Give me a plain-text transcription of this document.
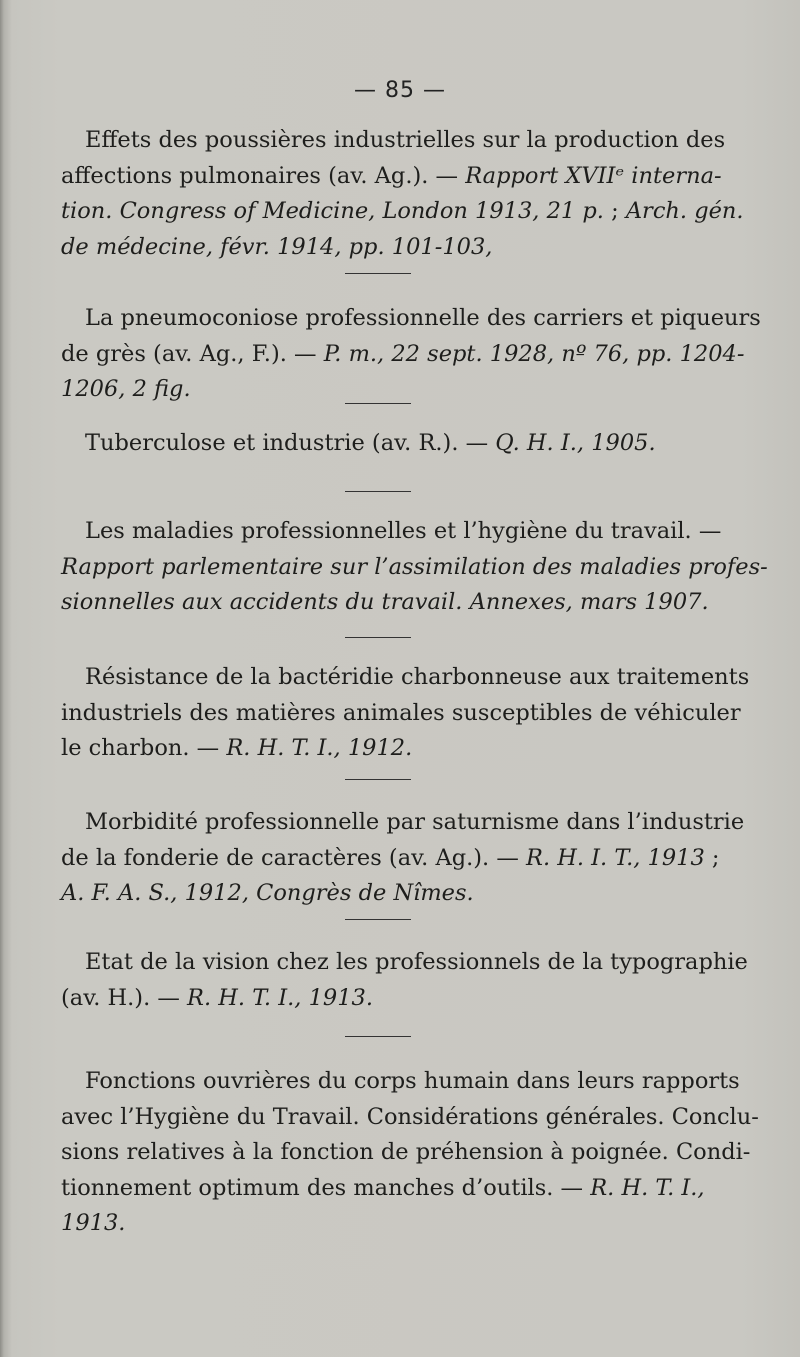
— 85 —
Effets des poussières industrielles sur la production des
affections pulmonaires (av. Ag.). — Rapport XVIIᵉ interna-
tion. Congress of Medicine, London 1913, 21 p. ; Arch. gén.
de médecine, févr. 1914, pp. 101-103,
La pneumoconiose professionnelle des carriers et piqueurs
de grès (av. Ag., F.). — P. m., 22 sept. 1928, nº 76, pp. 1204-
1206, 2 fig.
Tuberculose et industrie (av. R.). — Q. H. I., 1905.
Les maladies professionnelles et l’hygiène du travail. —
Rapport parlementaire sur l’assimilation des maladies profes-
sionnelles aux accidents du travail. Annexes, mars 1907.
Résistance de la bactéridie charbonneuse aux traitements
industriels des matières animales susceptibles de véhiculer
le charbon. — R. H. T. I., 1912.
Morbidité professionnelle par saturnisme dans l’industrie
de la fonderie de caractères (av. Ag.). — R. H. I. T., 1913 ;
A. F. A. S., 1912, Congrès de Nîmes.
Etat de la vision chez les professionnels de la typographie
(av. H.). — R. H. T. I., 1913.
Fonctions ouvrières du corps humain dans leurs rapports
avec l’Hygiène du Travail. Considérations générales. Conclu-
sions relatives à la fonction de préhension à poignée. Condi-
tionnement optimum des manches d’outils. — R. H. T. I.,
1913.
